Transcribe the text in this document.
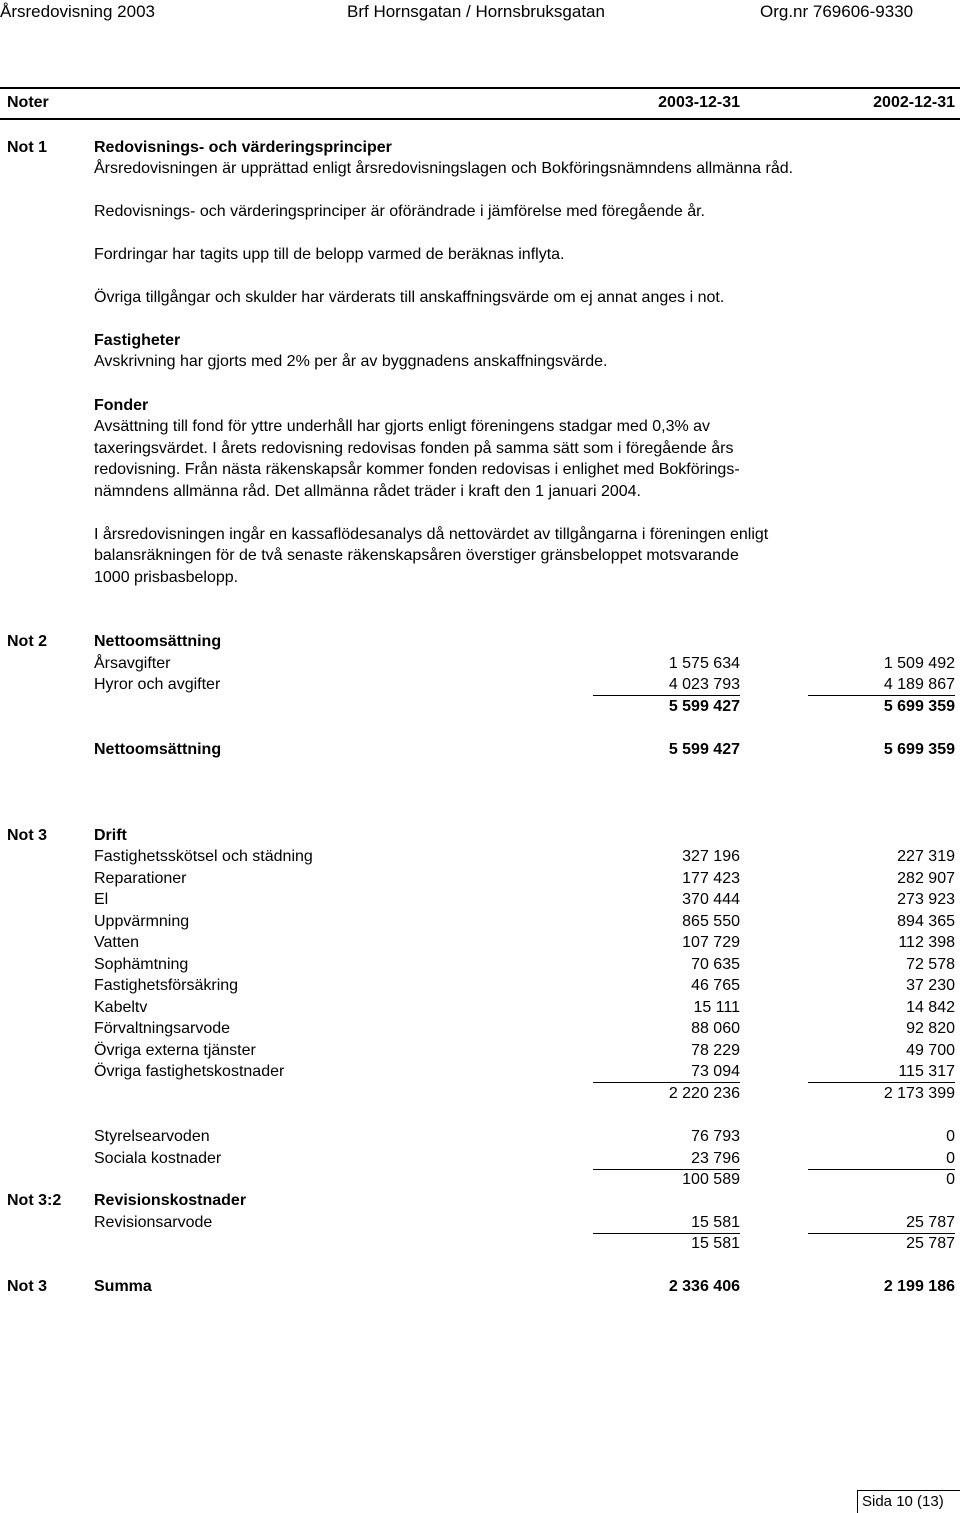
Årsredovisning 2003	Brf Hornsgatan / Hornsbruksgatan	Org.nr 769606-9330
Noter	2003-12-31	2002-12-31
Not 1	Redovisnings- och värderingsprinciper
Årsredovisningen är upprättad enligt årsredovisningslagen och Bokföringsnämndens allmänna råd.
Redovisnings- och värderingsprinciper är oförändrade i jämförelse med föregående år.
Fordringar har tagits upp till de belopp varmed de beräknas inflyta.
Övriga tillgångar och skulder har värderats till anskaffningsvärde om ej annat anges i not.
Fastigheter
Avskrivning har gjorts med 2% per år av byggnadens anskaffningsvärde.
Fonder
Avsättning till fond för yttre underhåll har gjorts enligt föreningens stadgar med 0,3% av
taxeringsvärdet. I årets redovisning redovisas fonden på samma sätt som i föregående års
redovisning. Från nästa räkenskapsår kommer fonden redovisas i enlighet med Bokförings-
nämndens allmänna råd. Det allmänna rådet träder i kraft den 1 januari 2004.
I årsredovisningen ingår en kassaflödesanalys då nettovärdet av tillgångarna i föreningen enligt
balansräkningen för de två senaste räkenskapsåren överstiger gränsbeloppet motsvarande
1000 prisbasbelopp.
Not 2	Nettoomsättning
Årsavgifter	1 575 634	1 509 492
Hyror och avgifter	4 023 793	4 189 867
5 599 427	5 699 359
Nettoomsättning	5 599 427	5 699 359
Not 3	Drift
Fastighetsskötsel och städning	327 196	227 319
Reparationer	177 423	282 907
El	370 444	273 923
Uppvärmning	865 550	894 365
Vatten	107 729	112 398
Sophämtning	70 635	72 578
Fastighetsförsäkring	46 765	37 230
Kabeltv	15 111	14 842
Förvaltningsarvode	88 060	92 820
Övriga externa tjänster	78 229	49 700
Övriga fastighetskostnader	73 094	115 317
2 220 236	2 173 399
Styrelsearvoden	76 793	0
Sociala kostnader	23 796	0
100 589	0
Not 3:2 Revisionskostnader
Revisionsarvode	15 581	25 787
15 581	25 787
Not 3	Summa	2 336 406	2 199 186
Sida 10 (13)
